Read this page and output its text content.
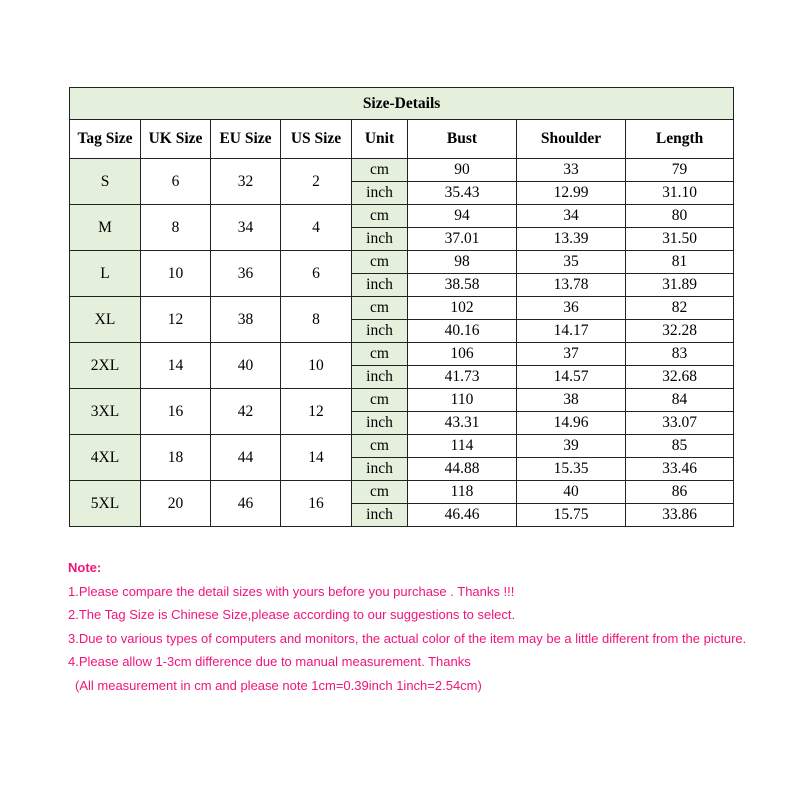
Size-Details							
Tag Size	UK Size	EU Size	US Size	Unit	Bust	Shoulder	Length
S	6	32	2	cm	90	33	79
				inch	35.43	12.99	31.10
M	8	34	4	cm	94	34	80
				inch	37.01	13.39	31.50
L	10	36	6	cm	98	35	81
				inch	38.58	13.78	31.89
XL	12	38	8	cm	102	36	82
				inch	40.16	14.17	32.28
2XL	14	40	10	cm	106	37	83
				inch	41.73	14.57	32.68
3XL	16	42	12	cm	110	38	84
				inch	43.31	14.96	33.07
4XL	18	44	14	cm	114	39	85
				inch	44.88	15.35	33.46
5XL	20	46	16	cm	118	40	86
				inch	46.46	15.75	33.86
Note:
1.Please compare the detail sizes with yours before you purchase . Thanks !!!
2.The Tag Size is Chinese Size,please according to our suggestions to select.
3.Due to various types of computers and monitors, the actual color of the item may be a little different from the picture.
4.Please allow 1-3cm difference due to manual measurement. Thanks
(All measurement in cm and please note 1cm=0.39inch 1inch=2.54cm)
